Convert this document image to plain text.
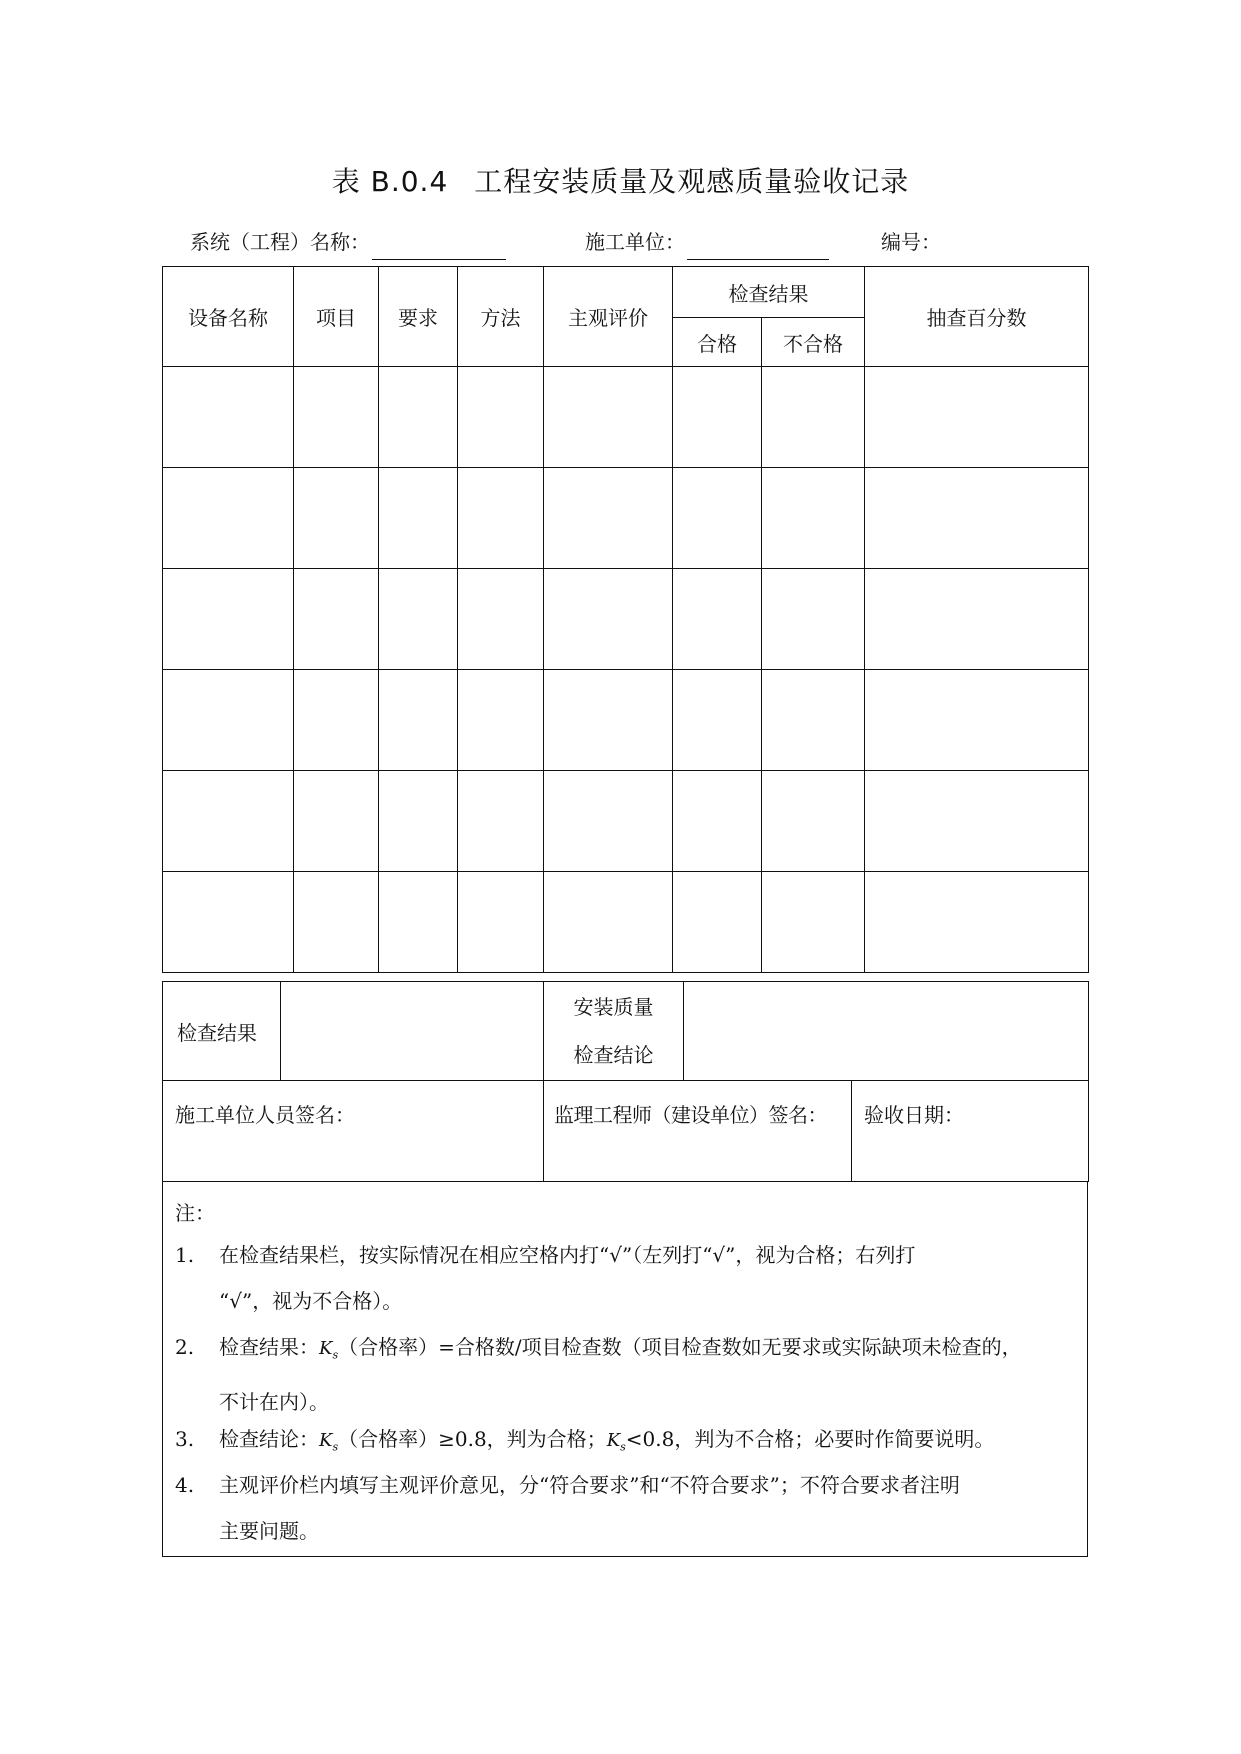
表 B.0.4 工程安装质量及观感质量验收记录
系统（工程）名称：	施工单位：	编号：
设备名称	项目	要求	方法	主观评价	检查结果		抽查百分数
					合格	不合格	

检查结果		安装质量
检查结论		

施工单位人员签名：		监理工程师（建设单位）签名：		验收日期：
注：
1.	在检查结果栏，按实际情况在相应空格内打“√”（左列打“√”，视为合格；右列打
“√”，视为不合格）。
2.	检查结果：$K_s$（合格率）=合格数/项目检查数（项目检查数如无要求或实际缺项未检查的，
不计在内）。
3.	检查结论：$K_s$（合格率）≥0.8，判为合格；$K_s<0.8$，判为不合格；必要时作简要说明。
4.	主观评价栏内填写主观评价意见，分“符合要求”和“不符合要求”；不符合要求者注明
主要问题。
